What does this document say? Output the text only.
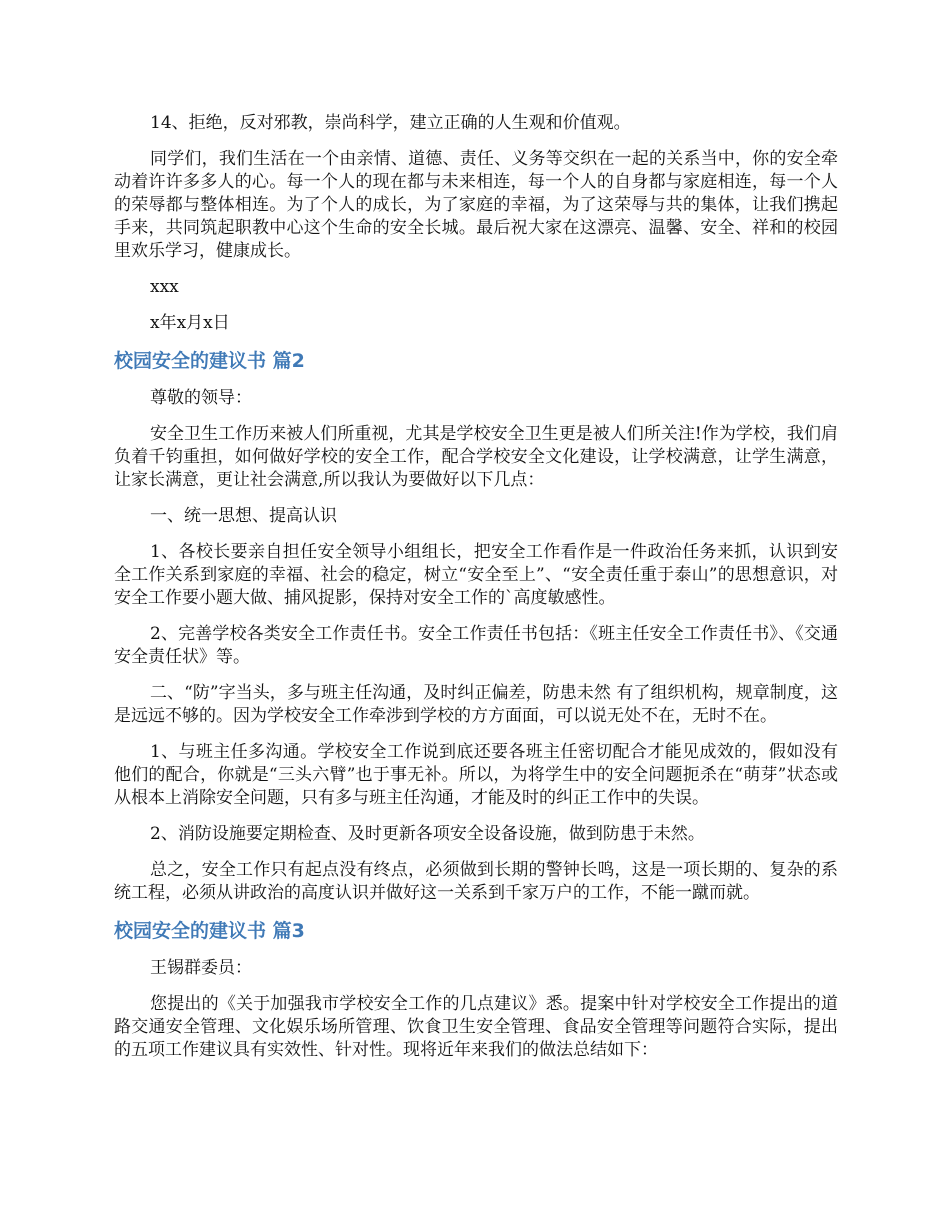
14、拒绝，反对邪教，崇尚科学，建立正确的人生观和价值观。

同学们，我们生活在一个由亲情、道德、责任、义务等交织在一起的关系当中，你的安全牵动着许许多多人的心。每一个人的现在都与未来相连，每一个人的自身都与家庭相连，每一个人的荣辱都与整体相连。为了个人的成长，为了家庭的幸福，为了这荣辱与共的集体，让我们携起手来，共同筑起职教中心这个生命的安全长城。最后祝大家在这漂亮、温馨、安全、祥和的校园里欢乐学习，健康成长。

xxx

x年x月x日

校园安全的建议书 篇2

尊敬的领导：

安全卫生工作历来被人们所重视，尤其是学校安全卫生更是被人们所关注!作为学校，我们肩负着千钧重担，如何做好学校的安全工作，配合学校安全文化建设，让学校满意，让学生满意，让家长满意，更让社会满意,所以我认为要做好以下几点：

一、统一思想、提高认识

1、各校长要亲自担任安全领导小组组长，把安全工作看作是一件政治任务来抓，认识到安全工作关系到家庭的幸福、社会的稳定，树立“安全至上”、“安全责任重于泰山”的思想意识，对安全工作要小题大做、捕风捉影，保持对安全工作的`高度敏感性。

2、完善学校各类安全工作责任书。安全工作责任书包括：《班主任安全工作责任书》、《交通安全责任状》等。

二、“防”字当头，多与班主任沟通，及时纠正偏差，防患未然 有了组织机构，规章制度，这是远远不够的。因为学校安全工作牵涉到学校的方方面面，可以说无处不在，无时不在。

1、与班主任多沟通。学校安全工作说到底还要各班主任密切配合才能见成效的，假如没有他们的配合，你就是“三头六臂”也于事无补。所以，为将学生中的安全问题扼杀在“萌芽”状态或从根本上消除安全问题，只有多与班主任沟通，才能及时的纠正工作中的失误。

2、消防设施要定期检查、及时更新各项安全设备设施，做到防患于未然。

总之，安全工作只有起点没有终点，必须做到长期的警钟长鸣，这是一项长期的、复杂的系统工程，必须从讲政治的高度认识并做好这一关系到千家万户的工作，不能一蹴而就。

校园安全的建议书 篇3

王锡群委员：

您提出的《关于加强我市学校安全工作的几点建议》悉。提案中针对学校安全工作提出的道路交通安全管理、文化娱乐场所管理、饮食卫生安全管理、食品安全管理等问题符合实际，提出的五项工作建议具有实效性、针对性。现将近年来我们的做法总结如下：
